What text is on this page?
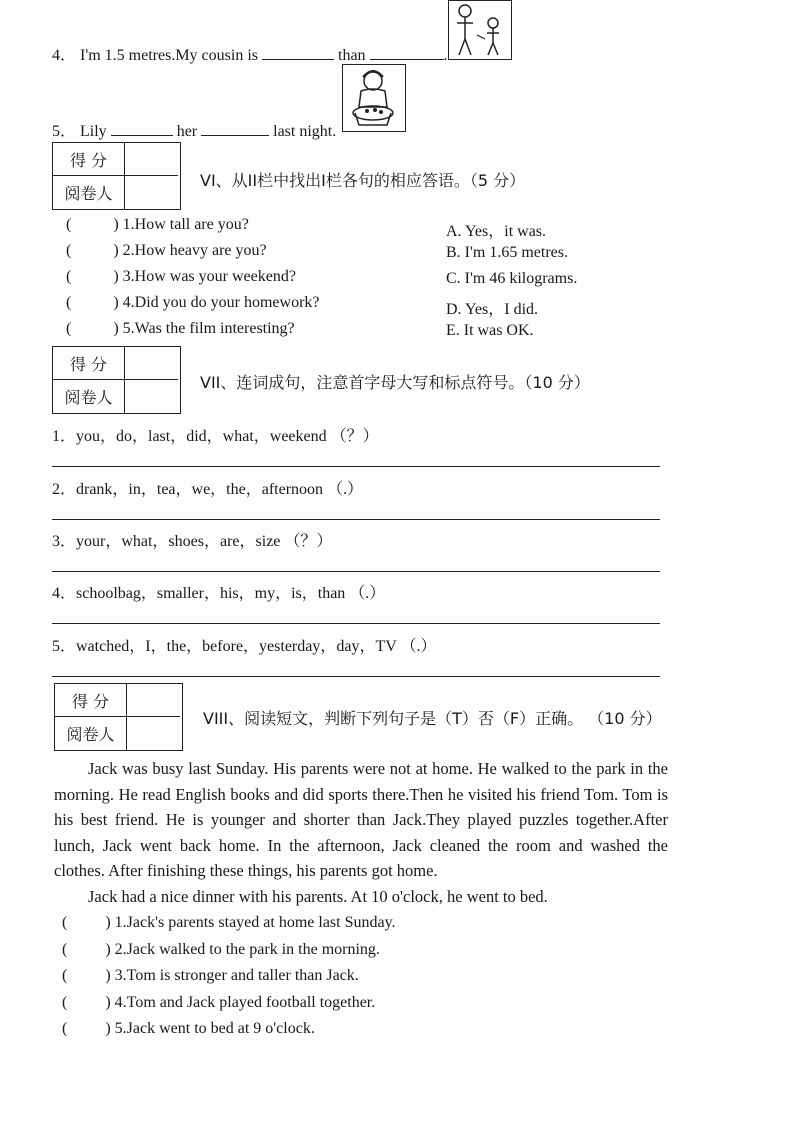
4． I'm 1.5 metres.My cousin is	than	.
5． Lily	her	last night.
得 分
阅卷人
VI、从II栏中找出I栏各句的相应答语。（5 分）
(	) 1.How tall are you?
(	) 2.How heavy are you?
(	) 3.How was your weekend?
(	) 4.Did you do your homework?
(	) 5.Was the film interesting?
A. Yes，it was.
B. I'm 1.65 metres.
C. I'm 46 kilograms.
D. Yes，I did.
E. It was OK.
得 分
阅卷人
VII、连词成句，注意首字母大写和标点符号。（10 分）
1．you，do，last，did，what，weekend （？）
2．drank，in，tea，we，the，afternoon （.）
3．your，what，shoes，are，size （？）
4．schoolbag，smaller，his，my，is，than （.）
5．watched，I，the，before，yesterday，day，TV （.）
得 分
阅卷人
VIII、阅读短文，判断下列句子是（T）否（F）正确。 （10 分）

Jack was busy last Sunday. His parents were not at home. He walked to the park in the morning. He read English books and did sports there.Then he visited his friend Tom. Tom is his best friend. He is younger and shorter than Jack.They played puzzles together.After lunch, Jack went back home. In the afternoon, Jack cleaned the room and washed the clothes. After finishing these things, his parents got home.

Jack had a nice dinner with his parents. At 10 o'clock, he went to bed.

( ) 1.Jack's parents stayed at home last Sunday.
( ) 2.Jack walked to the park in the morning.
( ) 3.Tom is stronger and taller than Jack.
( ) 4.Tom and Jack played football together.
( ) 5.Jack went to bed at 9 o'clock.
